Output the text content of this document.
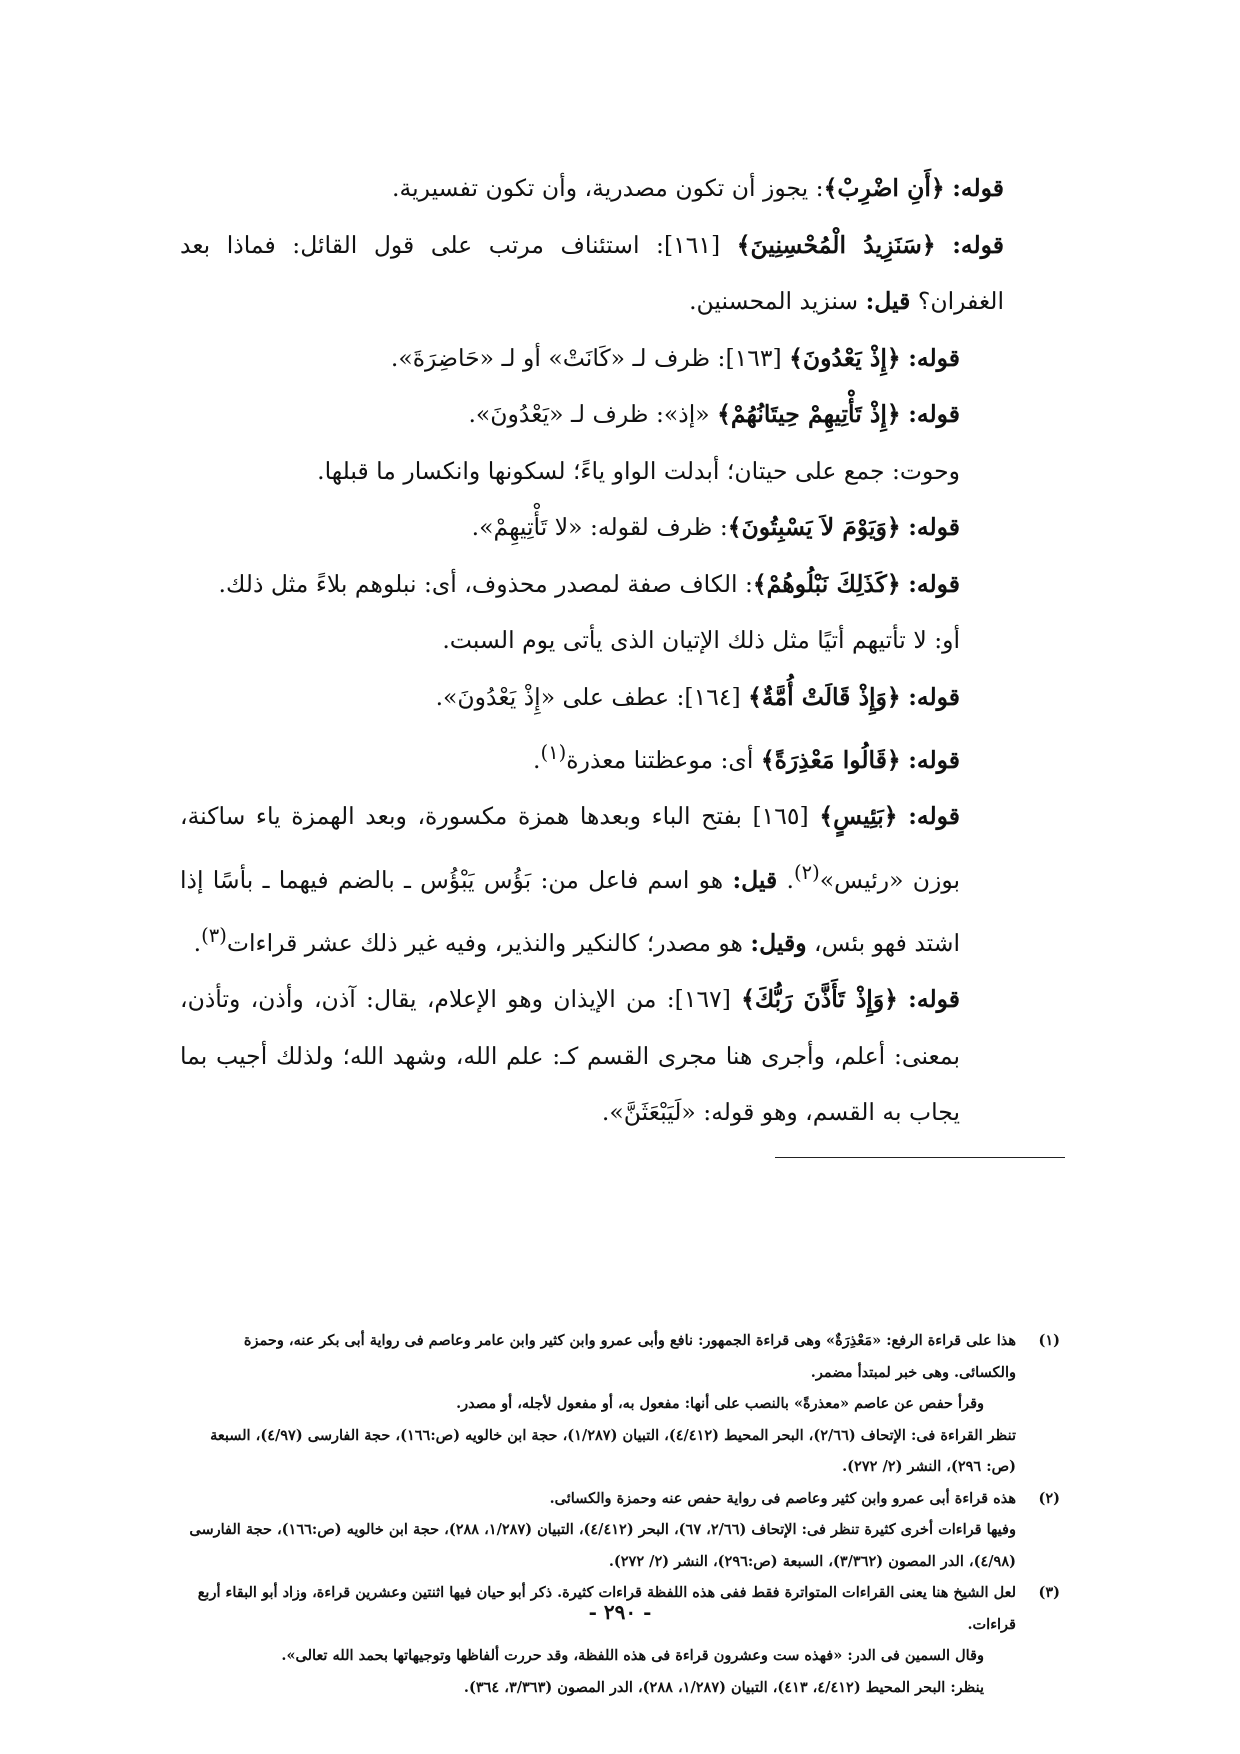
قوله: ﴿أَنِ اضْرِبْ﴾: يجوز أن تكون مصدرية، وأن تكون تفسيرية.

قوله: ﴿سَنَزِيدُ الْمُحْسِنِينَ﴾ [١٦١]: استئناف مرتب على قول القائل: فماذا بعد الغفران؟ قيل: سنزيد المحسنين.

قوله: ﴿إِذْ يَعْدُونَ﴾ [١٦٣]: ظرف لـ «كَانَتْ» أو لـ «حَاضِرَةَ».

قوله: ﴿إِذْ تَأْتِيهِمْ حِيتَانُهُمْ﴾ «إذ»: ظرف لـ «يَعْدُونَ».

وحوت: جمع على حيتان؛ أبدلت الواو ياءً؛ لسكونها وانكسار ما قبلها.

قوله: ﴿وَيَوْمَ لاَ يَسْبِتُونَ﴾: ظرف لقوله: «لا تَأْتِيهِمْ».

قوله: ﴿كَذَلِكَ نَبْلُوهُمْ﴾: الكاف صفة لمصدر محذوف، أى: نبلوهم بلاءً مثل ذلك.

أو: لا تأتيهم أتيًا مثل ذلك الإتيان الذى يأتى يوم السبت.

قوله: ﴿وَإِذْ قَالَتْ أُمَّةٌ﴾ [١٦٤]: عطف على «إِذْ يَعْدُونَ».

قوله: ﴿قَالُوا مَعْذِرَةً﴾ أى: موعظتنا معذرة$^{(١)}$.

قوله: ﴿بَئِيسٍ﴾ [١٦٥] بفتح الباء وبعدها همزة مكسورة، وبعد الهمزة ياء ساكنة، بوزن «رئيس»$^{(٢)}$. قيل: هو اسم فاعل من: بَؤُس يَبْؤُس ـ بالضم فيهما ـ بأسًا إذا اشتد فهو بئس، وقيل: هو مصدر؛ كالنكير والنذير، وفيه غير ذلك عشر قراءات$^{(٣)}$.

قوله: ﴿وَإِذْ تَأَذَّنَ رَبُّكَ﴾ [١٦٧]: من الإيذان وهو الإعلام، يقال: آذن، وأذن، وتأذن، بمعنى: أعلم، وأجرى هنا مجرى القسم كـ: علم الله، وشهد الله؛ ولذلك أجيب بما يجاب به القسم، وهو قوله: «لَيَبْعَثَنَّ».

(١)

هذا على قراءة الرفع: «مَعْذِرَةٌ» وهى قراءة الجمهور: نافع وأبى عمرو وابن كثير وابن عامر وعاصم فى رواية أبى بكر عنه، وحمزة والكسائى. وهى خبر لمبتدأ مضمر.

وقرأ حفص عن عاصم «معذرةً» بالنصب على أنها: مفعول به، أو مفعول لأجله، أو مصدر.

تنظر القراءة فى: الإتحاف (٢/٦٦)، البحر المحيط (٤/٤١٢)، التبيان (١/٢٨٧)، حجة ابن خالويه (ص:١٦٦)، حجة الفارسى (٤/٩٧)، السبعة (ص: ٢٩٦)، النشر (٢/ ٢٧٢).

(٢)

هذه قراءة أبى عمرو وابن كثير وعاصم فى رواية حفص عنه وحمزة والكسائى.

وفيها قراءات أخرى كثيرة تنظر فى: الإتحاف (٢/٦٦، ٦٧)، البحر (٤/٤١٢)، التبيان (١/٢٨٧، ٢٨٨)، حجة ابن خالويه (ص:١٦٦)، حجة الفارسى (٤/٩٨)، الدر المصون (٣/٣٦٢)، السبعة (ص:٢٩٦)، النشر (٢/ ٢٧٢).

(٣)

لعل الشيخ هنا يعنى القراءات المتواترة فقط ففى هذه اللفظة قراءات كثيرة. ذكر أبو حيان فيها اثنتين وعشرين قراءة، وزاد أبو البقاء أربع قراءات.

وقال السمين فى الدر: «فهذه ست وعشرون قراءة فى هذه اللفظة، وقد حررت ألفاظها وتوجيهاتها بحمد الله تعالى».

ينظر: البحر المحيط (٤/٤١٢، ٤١٣)، التبيان (١/٢٨٧، ٢٨٨)، الدر المصون (٣/٣٦٣، ٣٦٤).

- ٢٩٠ -
